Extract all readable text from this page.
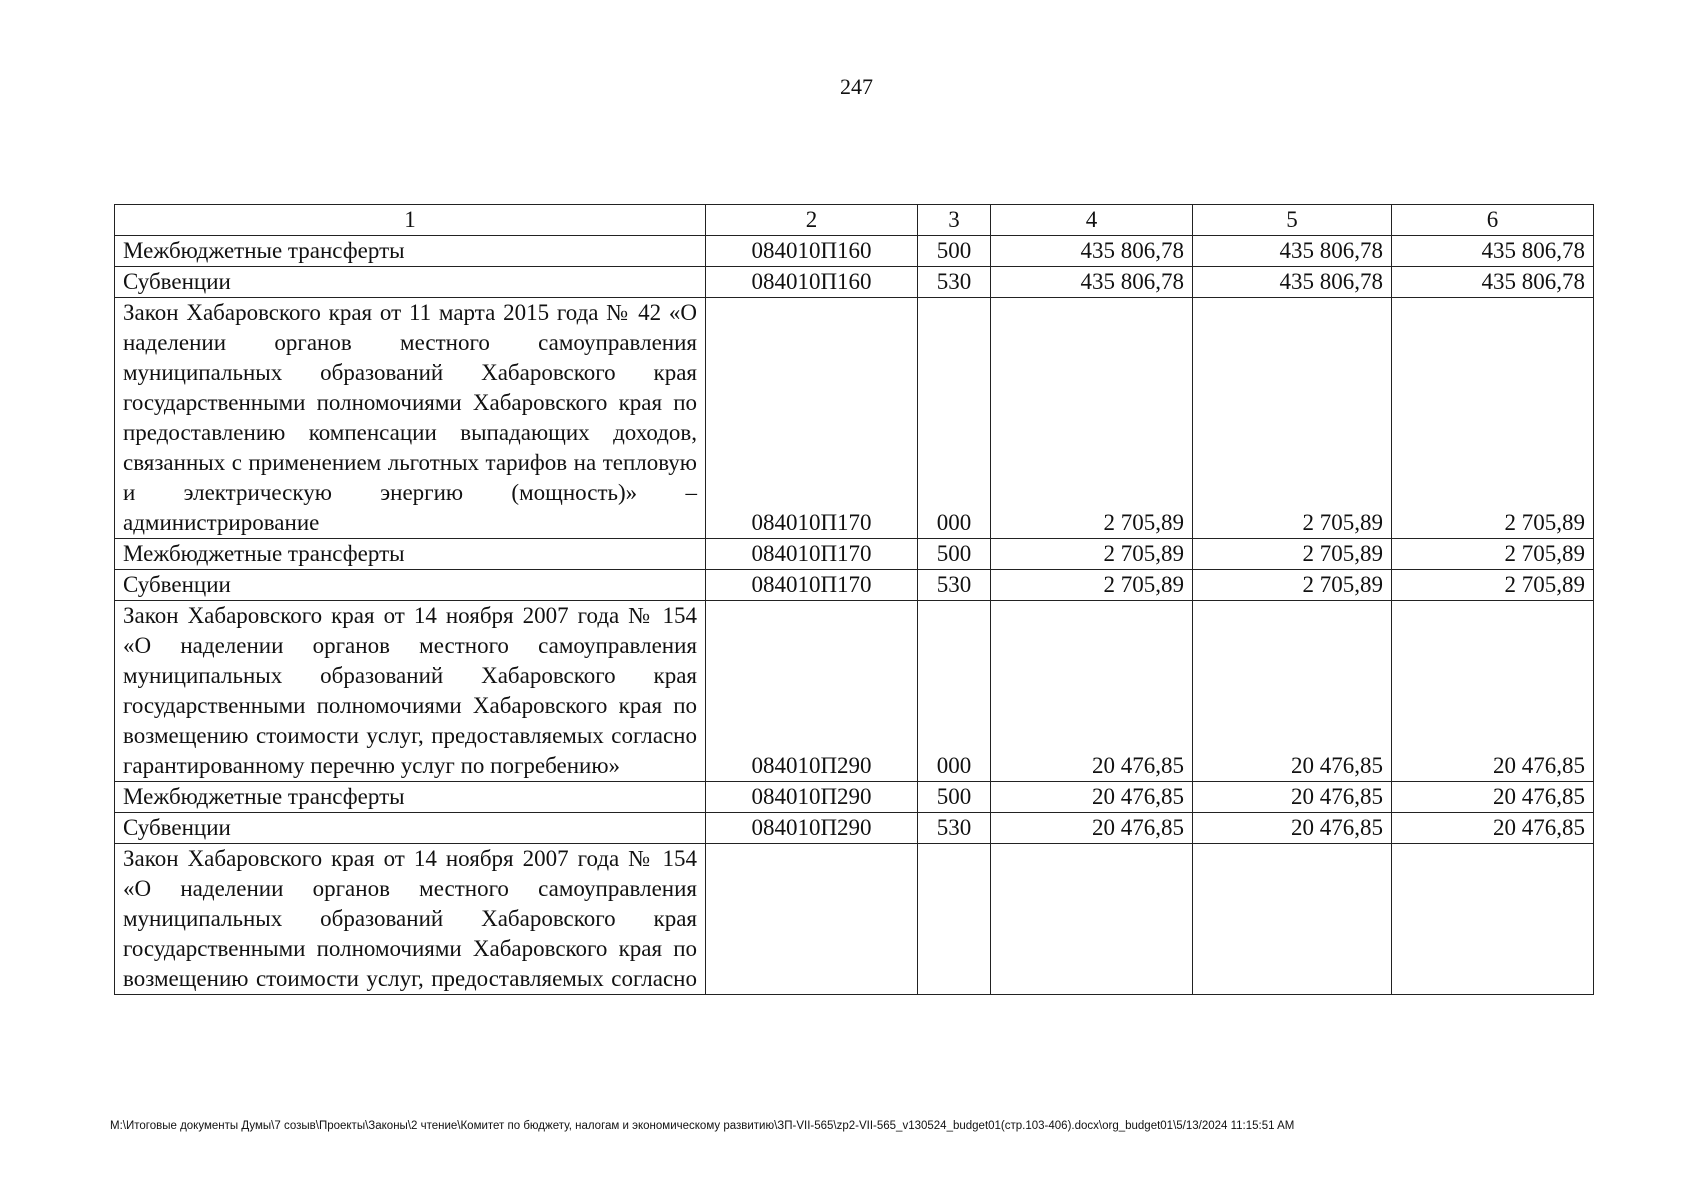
247
1	2	3	4	5	6
Межбюджетные трансферты	084010П160	500	435 806,78	435 806,78	435 806,78
Субвенции	084010П160	530	435 806,78	435 806,78	435 806,78
Закон Хабаровского края от 11 марта 2015 года № 42 «О наделении органов местного самоуправления муниципальных образований Хабаровского края государственными полномочиями Хабаровского края по предоставлению компенсации выпадающих доходов, связанных с применением льготных тарифов на тепловую и электрическую энергию (мощность)» – администрирование	084010П170	000	2 705,89	2 705,89	2 705,89
Межбюджетные трансферты	084010П170	500	2 705,89	2 705,89	2 705,89
Субвенции	084010П170	530	2 705,89	2 705,89	2 705,89
Закон Хабаровского края от 14 ноября 2007 года № 154 «О наделении органов местного самоуправления муниципальных образований Хабаровского края государственными полномочиями Хабаровского края по возмещению стоимости услуг, предоставляемых согласно гарантированному перечню услуг по погребению»	084010П290	000	20 476,85	20 476,85	20 476,85
Межбюджетные трансферты	084010П290	500	20 476,85	20 476,85	20 476,85
Субвенции	084010П290	530	20 476,85	20 476,85	20 476,85
Закон Хабаровского края от 14 ноября 2007 года № 154 «О наделении органов местного самоуправления муниципальных образований Хабаровского края государственными полномочиями Хабаровского края по возмещению стоимости услуг, предоставляемых согласно					
M:\Итоговые документы Думы\7 созыв\Проекты\Законы\2 чтение\Комитет по бюджету, налогам и экономическому развитию\ЗП-VII-565\zp2-VII-565_v130524_budget01(стр.103-406).docx\org_budget01\5/13/2024 11:15:51 AM
